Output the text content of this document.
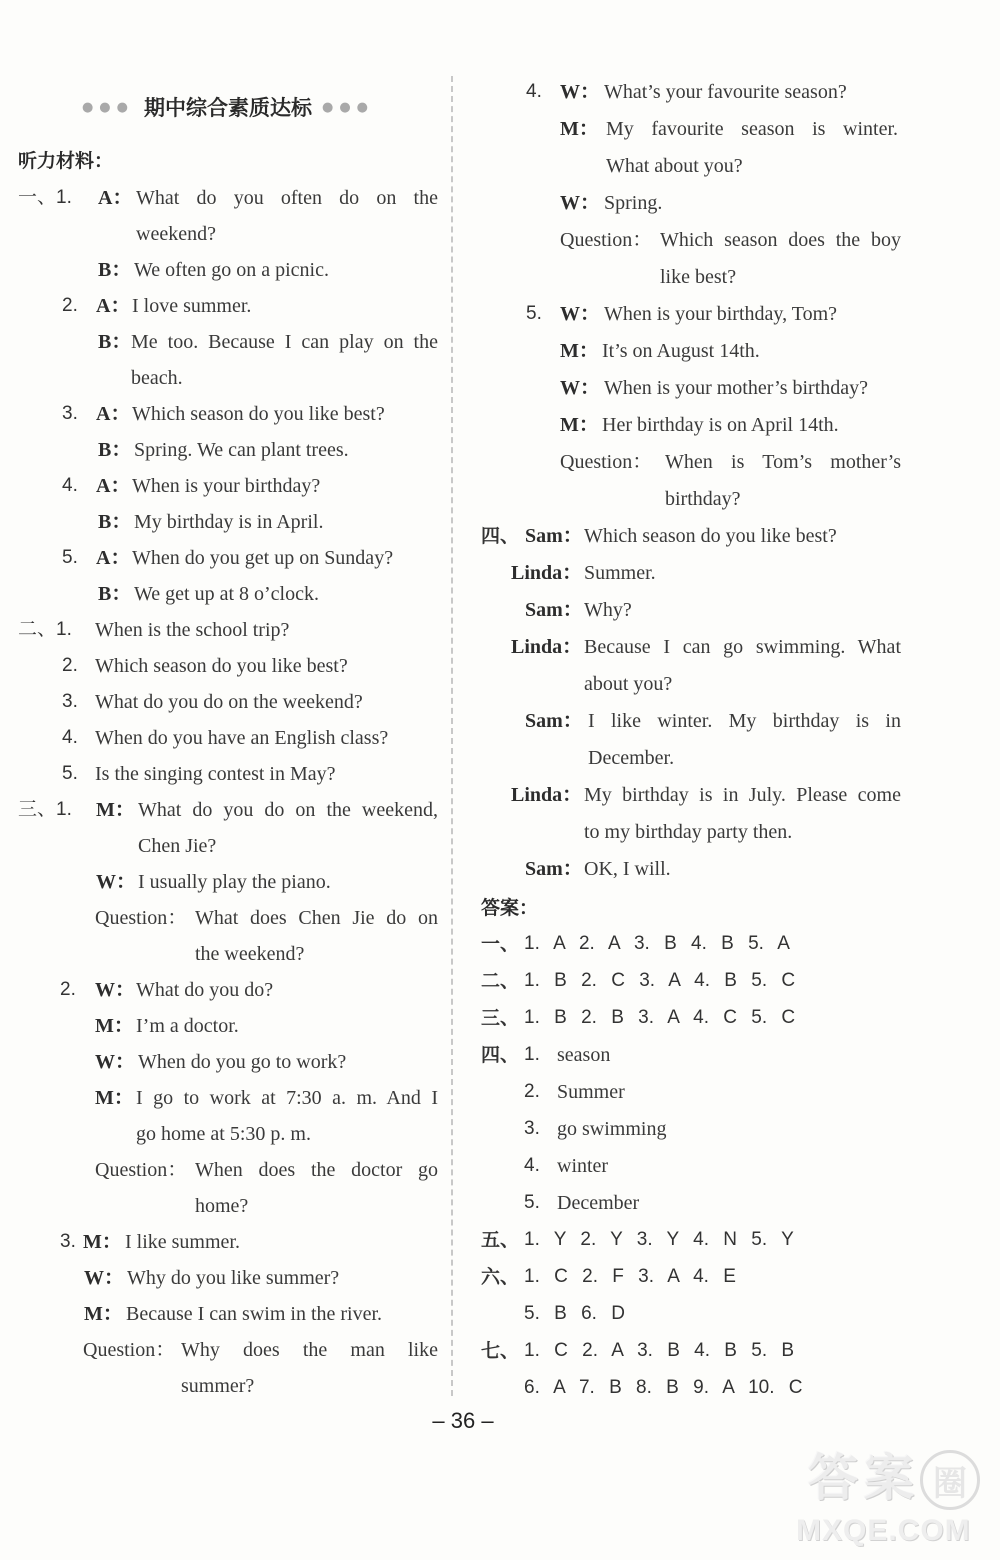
●●● 期中综合素质达标 ●●●
听力材料：
一、1. A： What do you often do on the
weekend?
B： We often go on a picnic.
2. A： I love summer.
B： Me too. Because I can play on the
beach.
3. A： Which season do you like best?
B： Spring. We can plant trees.
4. A： When is your birthday?
B： My birthday is in April.
5. A： When do you get up on Sunday?
B： We get up at 8 o’clock.
二、1. When is the school trip?
2. Which season do you like best?
3. What do you do on the weekend?
4. When do you have an English class?
5. Is the singing contest in May?
三、1. M： What do you do on the weekend,
Chen Jie?
W： I usually play the piano.
Question： What does Chen Jie do on
the weekend?
2. W： What do you do?
M： I’m a doctor.
W： When do you go to work?
M： I go to work at 7:30 a. m. And I
go home at 5:30 p. m.
Question： When does the doctor go
home?
3. M： I like summer.
W： Why do you like summer?
M： Because I can swim in the river.
Question： Why does the man like
summer?
4. W： What’s your favourite season?
M： My favourite season is winter.
What about you?
W： Spring.
Question： Which season does the boy
like best?
5. W： When is your birthday, Tom?
M： It’s on August 14th.
W： When is your mother’s birthday?
M： Her birthday is on April 14th.
Question： When is Tom’s mother’s
birthday?
四、 Sam： Which season do you like best?
Linda： Summer.
Sam： Why?
Linda： Because I can go swimming. What
about you?
Sam： I like winter. My birthday is in
December.
Linda： My birthday is in July. Please come
to my birthday party then.
Sam： OK, I will.
答案：
一、 1. A 2. A 3. B 4. B 5. A
二、 1. B 2. C 3. A 4. B 5. C
三、 1. B 2. B 3. A 4. C 5. C
四、 1. season
2. Summer
3. go swimming
4. winter
5. December
五、 1. Y 2. Y 3. Y 4. N 5. Y
六、 1. C 2. F 3. A 4. E
5. B 6. D
七、 1. C 2. A 3. B 4. B 5. B
6. A 7. B 8. B 9. A 10. C
– 36 –
答 案 圈
MXQE.COM
